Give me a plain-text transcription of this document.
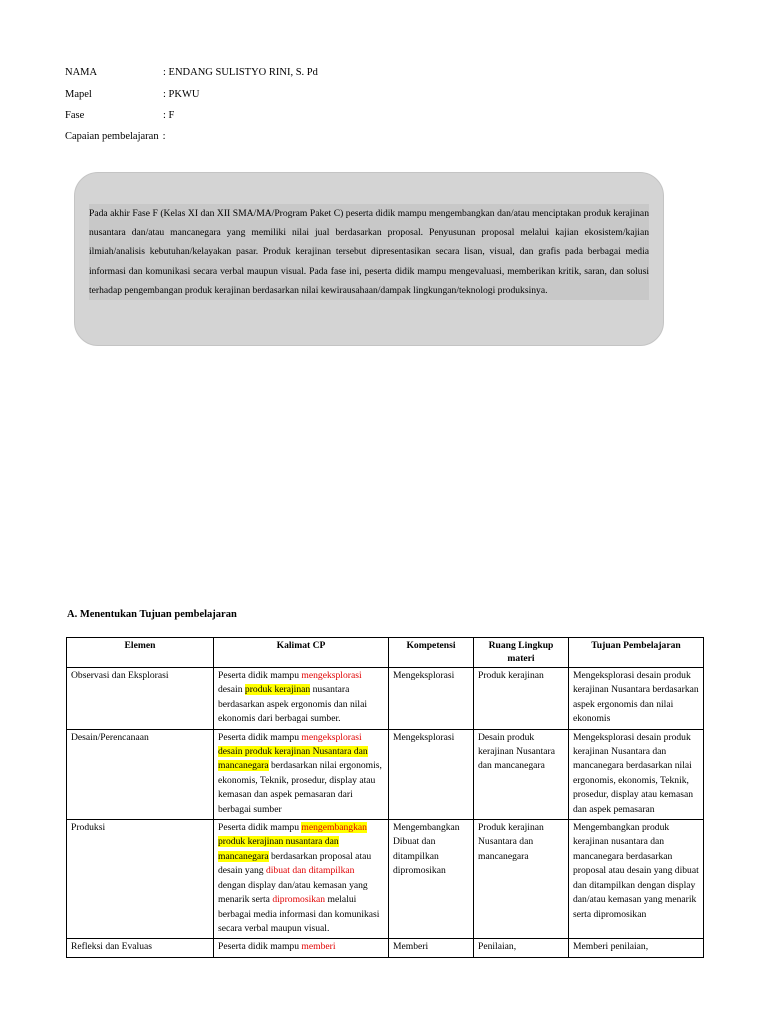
NAMA	: ENDANG SULISTYO RINI, S. Pd
Mapel	: PKWU
Fase	: F
Capaian pembelajaran :
Pada akhir Fase F (Kelas XI dan XII SMA/MA/Program Paket C) peserta didik mampu mengembangkan dan/atau menciptakan produk kerajinan nusantara dan/atau mancanegara yang memiliki nilai jual berdasarkan proposal. Penyusunan proposal melalui kajian ekosistem/kajian ilmiah/analisis kebutuhan/kelayakan pasar. Produk kerajinan tersebut dipresentasikan secara lisan, visual, dan grafis pada berbagai media informasi dan komunikasi secara verbal maupun visual. Pada fase ini, peserta didik mampu mengevaluasi, memberikan kritik, saran, dan solusi terhadap pengembangan produk kerajinan berdasarkan nilai kewirausahaan/dampak lingkungan/teknologi produksinya.
A. Menentukan Tujuan pembelajaran
Elemen	Kalimat CP	Kompetensi	Ruang Lingkup materi	Tujuan Pembelajaran
Observasi dan Eksplorasi	Peserta didik mampu mengeksplorasi desain produk kerajinan nusantara berdasarkan aspek ergonomis dan nilai ekonomis dari berbagai sumber.	Mengeksplorasi	Produk kerajinan	Mengeksplorasi desain produk kerajinan Nusantara berdasarkan aspek ergonomis dan nilai ekonomis
Desain/Perencanaan	Peserta didik mampu mengeksplorasi desain produk kerajinan Nusantara dan mancanegara berdasarkan nilai ergonomis, ekonomis, Teknik, prosedur, display atau kemasan dan aspek pemasaran dari berbagai sumber	Mengeksplorasi	Desain produk kerajinan Nusantara dan mancanegara	Mengeksplorasi desain produk kerajinan Nusantara dan mancanegara berdasarkan nilai ergonomis, ekonomis, Teknik, prosedur, display atau kemasan dan aspek pemasaran
Produksi	Peserta didik mampu mengembangkan produk kerajinan nusantara dan mancanegara berdasarkan proposal atau desain yang dibuat dan ditampilkan dengan display dan/atau kemasan yang menarik serta dipromosikan melalui berbagai media informasi dan komunikasi secara verbal maupun visual.	Mengembangkan Dibuat dan ditampilkan dipromosikan	Produk kerajinan Nusantara dan mancanegara	Mengembangkan produk kerajinan nusantara dan mancanegara berdasarkan proposal atau desain yang dibuat dan ditampilkan dengan display dan/atau kemasan yang menarik serta dipromosikan
Refleksi dan Evaluas	Peserta didik mampu memberi	Memberi	Penilaian,	Memberi penilaian,
